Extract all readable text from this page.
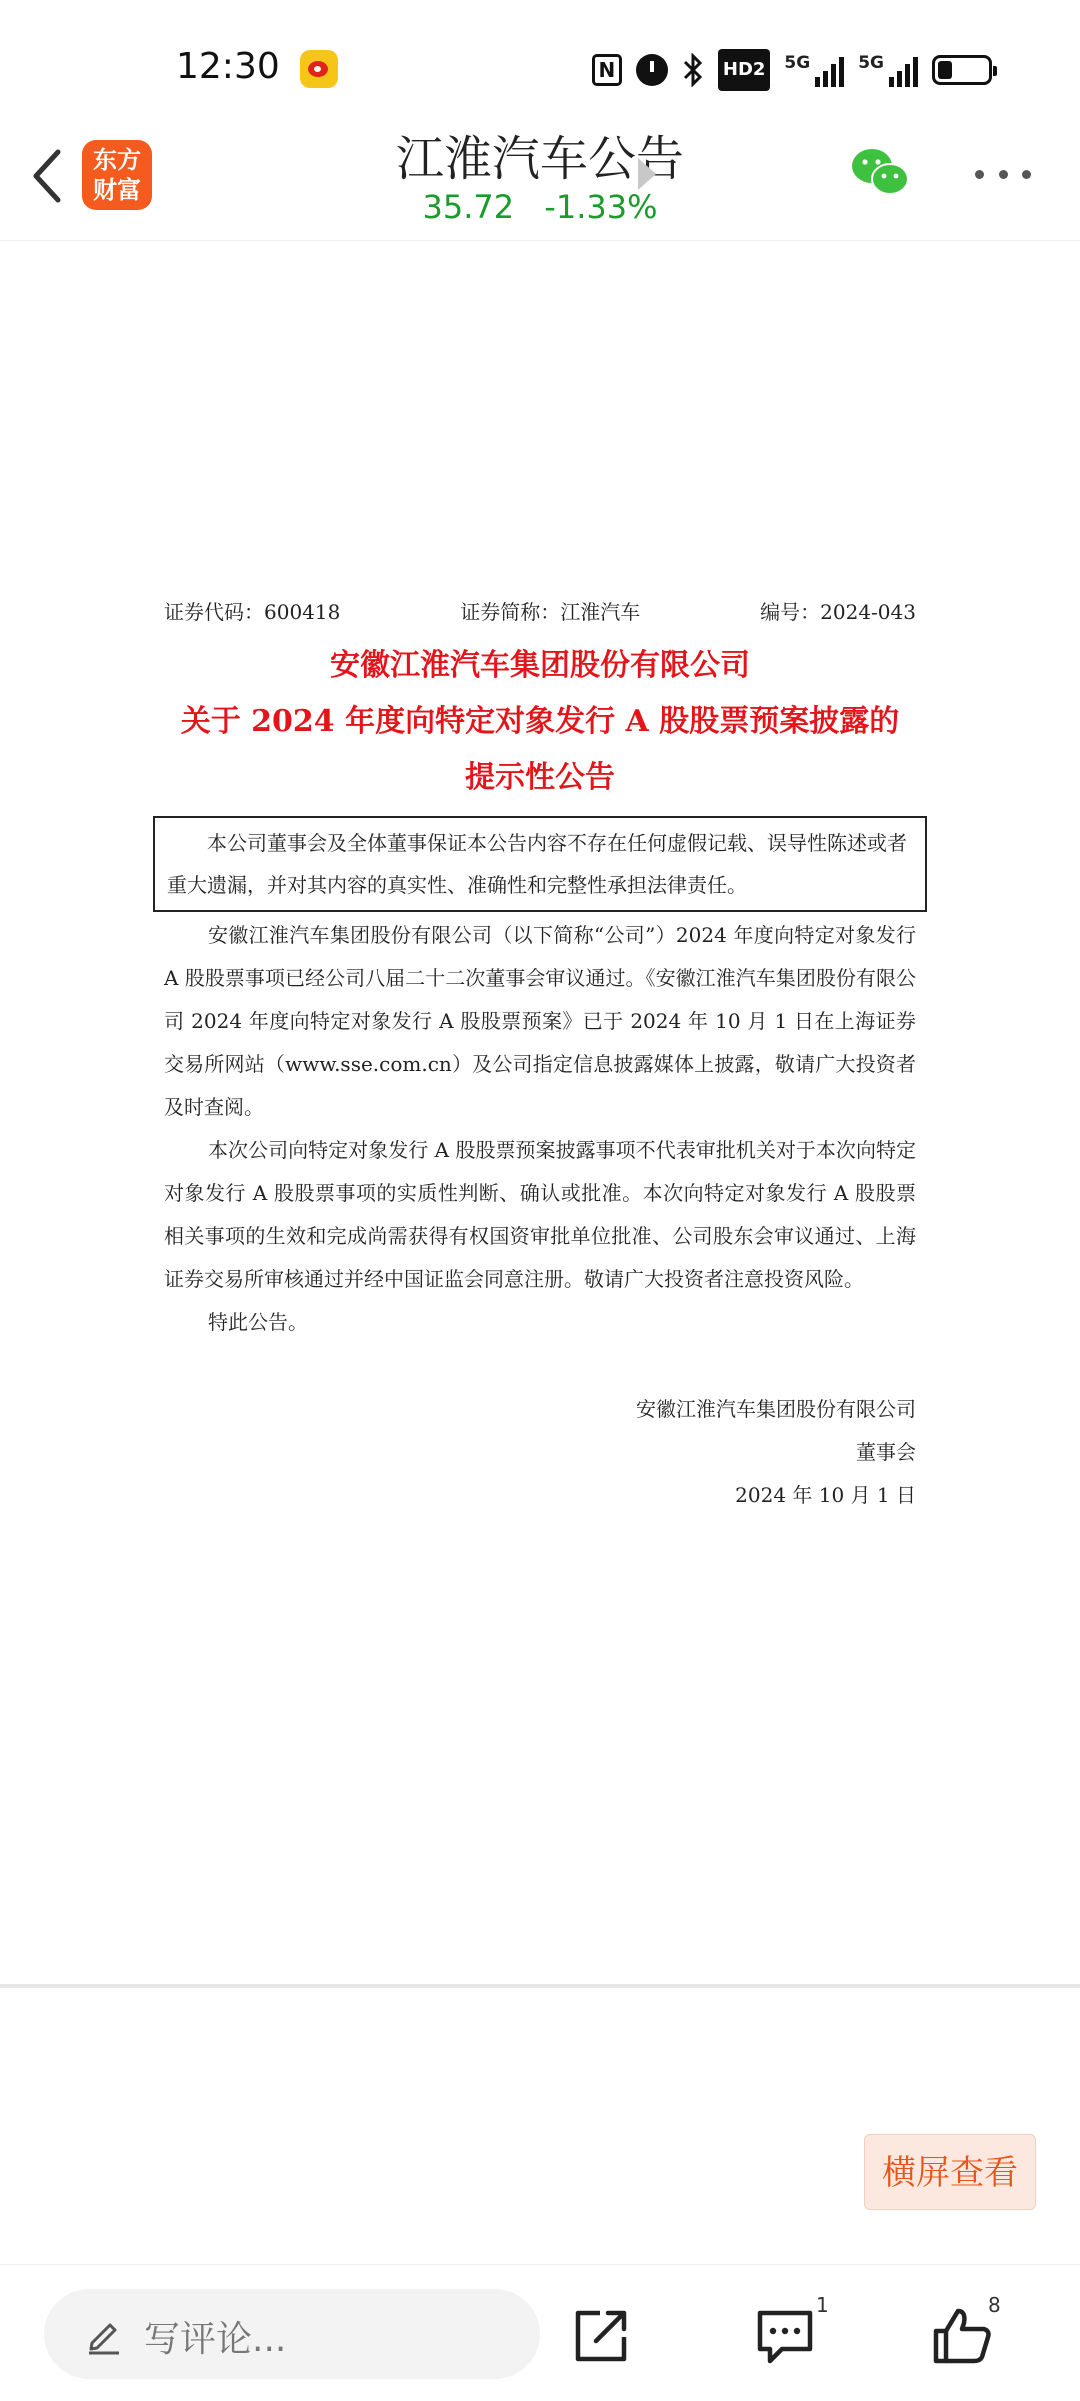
12:30	N	HD2 5G	5G
东方
财富
江淮汽车公告
35.72 -1.33%
证券代码：600418	证券简称：江淮汽车	编号：2024-043
安徽江淮汽车集团股份有限公司
关于 2024 年度向特定对象发行 A 股股票预案披露的
提示性公告
本公司董事会及全体董事保证本公告内容不存在任何虚假记载、误导性陈述或者重大遗漏，并对其内容的真实性、准确性和完整性承担法律责任。
安徽江淮汽车集团股份有限公司（以下简称“公司”）2024 年度向特定对象发行 A 股股票事项已经公司八届二十二次董事会审议通过。《安徽江淮汽车集团股份有限公司 2024 年度向特定对象发行 A 股股票预案》已于 2024 年 10 月 1 日在上海证券交易所网站（www.sse.com.cn）及公司指定信息披露媒体上披露，敬请广大投资者及时查阅。
本次公司向特定对象发行 A 股股票预案披露事项不代表审批机关对于本次向特定对象发行 A 股股票事项的实质性判断、确认或批准。本次向特定对象发行 A 股股票相关事项的生效和完成尚需获得有权国资审批单位批准、公司股东会审议通过、上海证券交易所审核通过并经中国证监会同意注册。敬请广大投资者注意投资风险。
特此公告。
安徽江淮汽车集团股份有限公司
董事会
2024 年 10 月 1 日
横屏查看
写评论...
1	8
